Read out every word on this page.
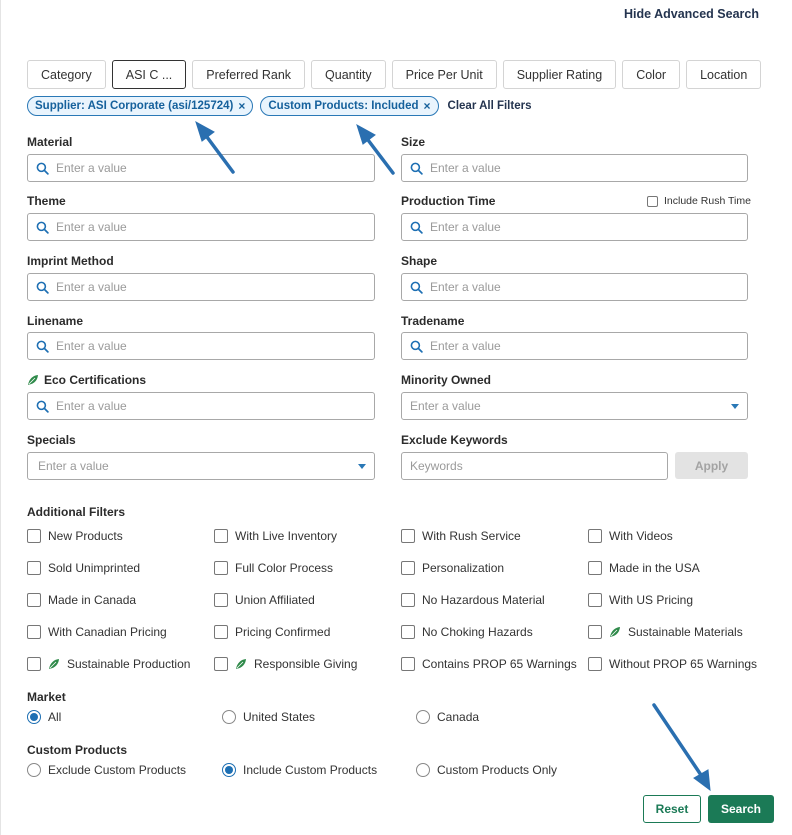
Hide Advanced Search
Category	ASI C ...	Preferred Rank	Quantity	Price Per Unit	Supplier Rating	Color	Location
Supplier: ASI Corporate (asi/125724) × Custom Products: Included × Clear All Filters
Material
Enter a value
Size
Enter a value
Theme
Enter a value
Production Time	Include Rush Time
Enter a value
Imprint Method
Enter a value
Shape
Enter a value
Linename
Enter a value
Tradename
Enter a value
Eco Certifications
Enter a value
Minority Owned
Enter a value
Specials
Enter a value
Exclude Keywords
Keywords	Apply
Additional Filters
New Products	With Live Inventory	With Rush Service	With Videos
Sold Unimprinted	Full Color Process	Personalization	Made in the USA
Made in Canada	Union Affiliated	No Hazardous Material	With US Pricing
With Canadian Pricing	Pricing Confirmed	No Choking Hazards	Sustainable Materials
Sustainable Production	Responsible Giving	Contains PROP 65 Warnings	Without PROP 65 Warnings
Market
All	United States	Canada
Custom Products
Exclude Custom Products	Include Custom Products	Custom Products Only
Reset	Search
